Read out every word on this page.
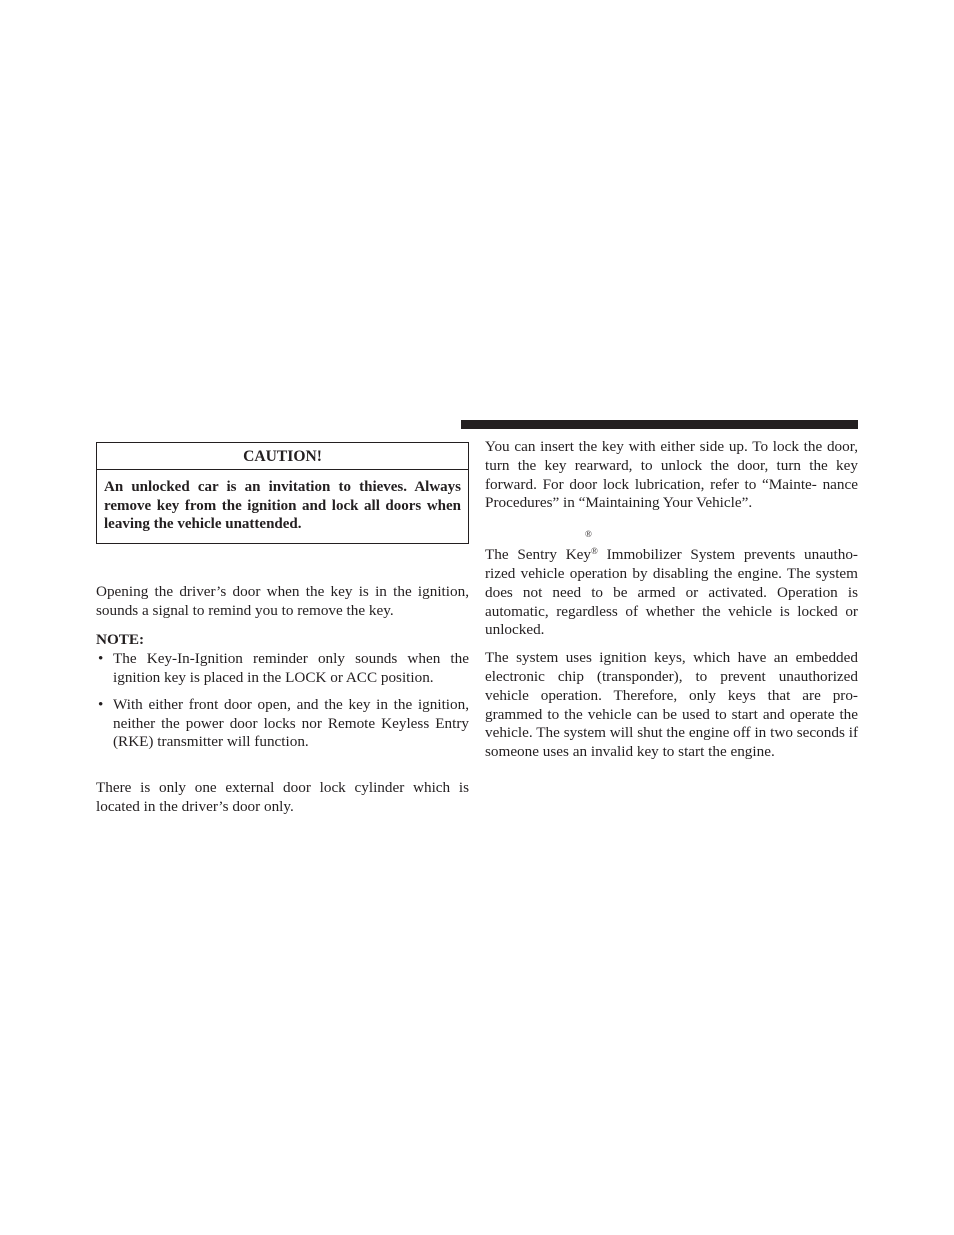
CAUTION!
An unlocked car is an invitation to thieves. Always remove key from the ignition and lock all doors when leaving the vehicle unattended.

Opening the driver’s door when the key is in the ignition, sounds a signal to remind you to remove the key.

NOTE:
• The Key-In-Ignition reminder only sounds when the ignition key is placed in the LOCK or ACC position.
• With either front door open, and the key in the ignition, neither the power door locks nor Remote Keyless Entry (RKE) transmitter will function.

There is only one external door lock cylinder which is located in the driver’s door only.

You can insert the key with either side up. To lock the door, turn the key rearward, to unlock the door, turn the key forward. For door lock lubrication, refer to “Mainte- nance Procedures” in “Maintaining Your Vehicle”.

®

The Sentry Key® Immobilizer System prevents unautho- rized vehicle operation by disabling the engine. The system does not need to be armed or activated. Operation is automatic, regardless of whether the vehicle is locked or unlocked.

The system uses ignition keys, which have an embedded electronic chip (transponder), to prevent unauthorized vehicle operation. Therefore, only keys that are pro- grammed to the vehicle can be used to start and operate the vehicle. The system will shut the engine off in two seconds if someone uses an invalid key to start the engine.
